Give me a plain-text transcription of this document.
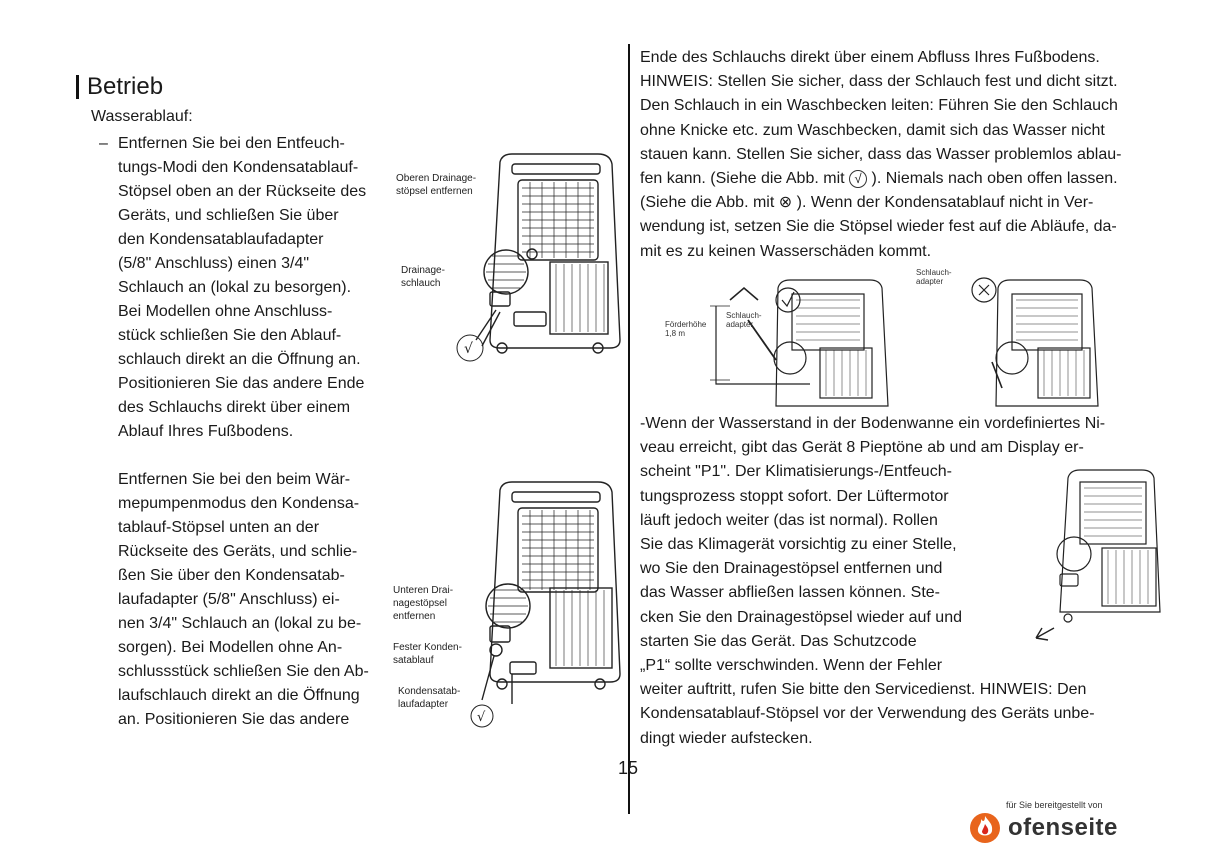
Betrieb
Wasserablauf:
– Entfernen Sie bei den Entfeuch-
tungs-Modi den Kondensatablauf-
Stöpsel oben an der Rückseite des
Geräts, und schließen Sie über
den Kondensatablaufadapter
(5/8" Anschluss) einen 3/4"
Schlauch an (lokal zu besorgen).
Bei Modellen ohne Anschluss-
stück schließen Sie den Ablauf-
schlauch direkt an die Öffnung an.
Positionieren Sie das andere Ende
des Schlauchs direkt über einem
Ablauf Ihres Fußbodens.
Entfernen Sie bei den beim Wär-
mepumpenmodus den Kondensa-
tablauf-Stöpsel unten an der
Rückseite des Geräts, und schlie-
ßen Sie über den Kondensatab-
laufadapter (5/8" Anschluss) ei-
nen 3/4" Schlauch an (lokal zu be-
sorgen). Bei Modellen ohne An-
schlussstück schließen Sie den Ab-
laufschlauch direkt an die Öffnung
an. Positionieren Sie das andere
√
Oberen Drainage-
stöpsel entfernen
Drainage-
schlauch
√
Unteren Drai-
nagestöpsel
entfernen
Fester Konden-
satablauf
Kondensatab-
laufadapter
Ende des Schlauchs direkt über einem Abfluss Ihres Fußbodens.
HINWEIS: Stellen Sie sicher, dass der Schlauch fest und dicht sitzt.
Den Schlauch in ein Waschbecken leiten: Führen Sie den Schlauch
ohne Knicke etc. zum Waschbecken, damit sich das Wasser nicht
stauen kann. Stellen Sie sicher, dass das Wasser problemlos ablau-
fen kann. (Siehe die Abb. mit √ ). Niemals nach oben offen lassen.
(Siehe die Abb. mit ⊗ ). Wenn der Kondensatablauf nicht in Ver-
wendung ist, setzen Sie die Stöpsel wieder fest auf die Abläufe, da-
mit es zu keinen Wasserschäden kommt.
Förderhöhe
1,8 m
Schlauch-
adapter
Schlauch-
adapter
-Wenn der Wasserstand in der Bodenwanne ein vordefiniertes Ni-
veau erreicht, gibt das Gerät 8 Pieptöne ab und am Display er-
scheint "P1". Der Klimatisierungs-/Entfeuch-
tungsprozess stoppt sofort. Der Lüftermotor
läuft jedoch weiter (das ist normal). Rollen
Sie das Klimagerät vorsichtig zu einer Stelle,
wo Sie den Drainagestöpsel entfernen und
das Wasser abfließen lassen können. Ste-
cken Sie den Drainagestöpsel wieder auf und
starten Sie das Gerät. Das Schutzcode
„P1“ sollte verschwinden. Wenn der Fehler
weiter auftritt, rufen Sie bitte den Servicedienst. HINWEIS: Den
Kondensatablauf-Stöpsel vor der Verwendung des Geräts unbe-
dingt wieder aufstecken.
15
für Sie bereitgestellt von
ofenseite
